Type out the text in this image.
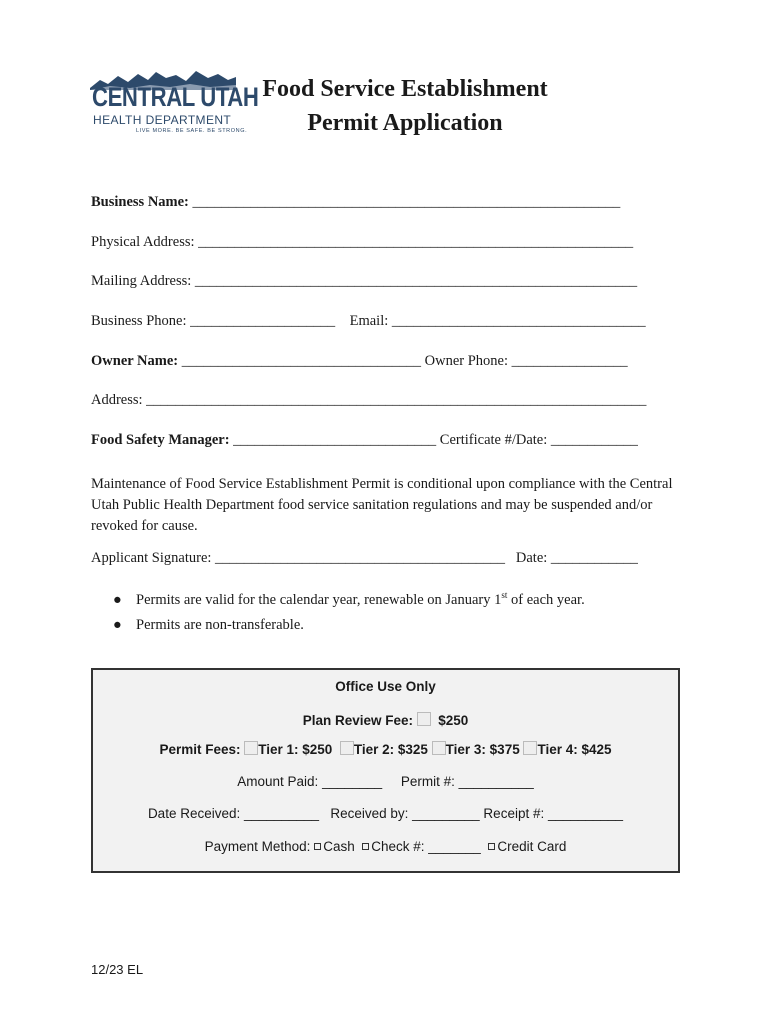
CENTRAL UTAH
HEALTH DEPARTMENT
LIVE MORE. BE SAFE. BE STRONG.
Food Service Establishment
Permit Application
Business Name: ___________________________________________________________
Physical Address: ____________________________________________________________
Mailing Address: _____________________________________________________________
Business Phone: ____________________    Email: ___________________________________
Owner Name: _________________________________ Owner Phone: ________________
Address: _____________________________________________________________________
Food Safety Manager: ____________________________ Certificate #/Date: ____________
Maintenance of Food Service Establishment Permit is conditional upon compliance with the Central Utah Public Health Department food service sanitation regulations and may be suspended and/or revoked for cause.
Applicant Signature: ________________________________________   Date: ____________
● Permits are valid for the calendar year, renewable on January 1st of each year.
● Permits are non-transferable.
Office Use Only
Plan Review Fee: $250
Permit Fees: Tier 1: $250 Tier 2: $325 Tier 3: $375 Tier 4: $425
Amount Paid: ________     Permit #: __________
Date Received: __________   Received by: _________ Receipt #: __________
Payment Method: Cash Check #: _______ Credit Card
12/23 EL
